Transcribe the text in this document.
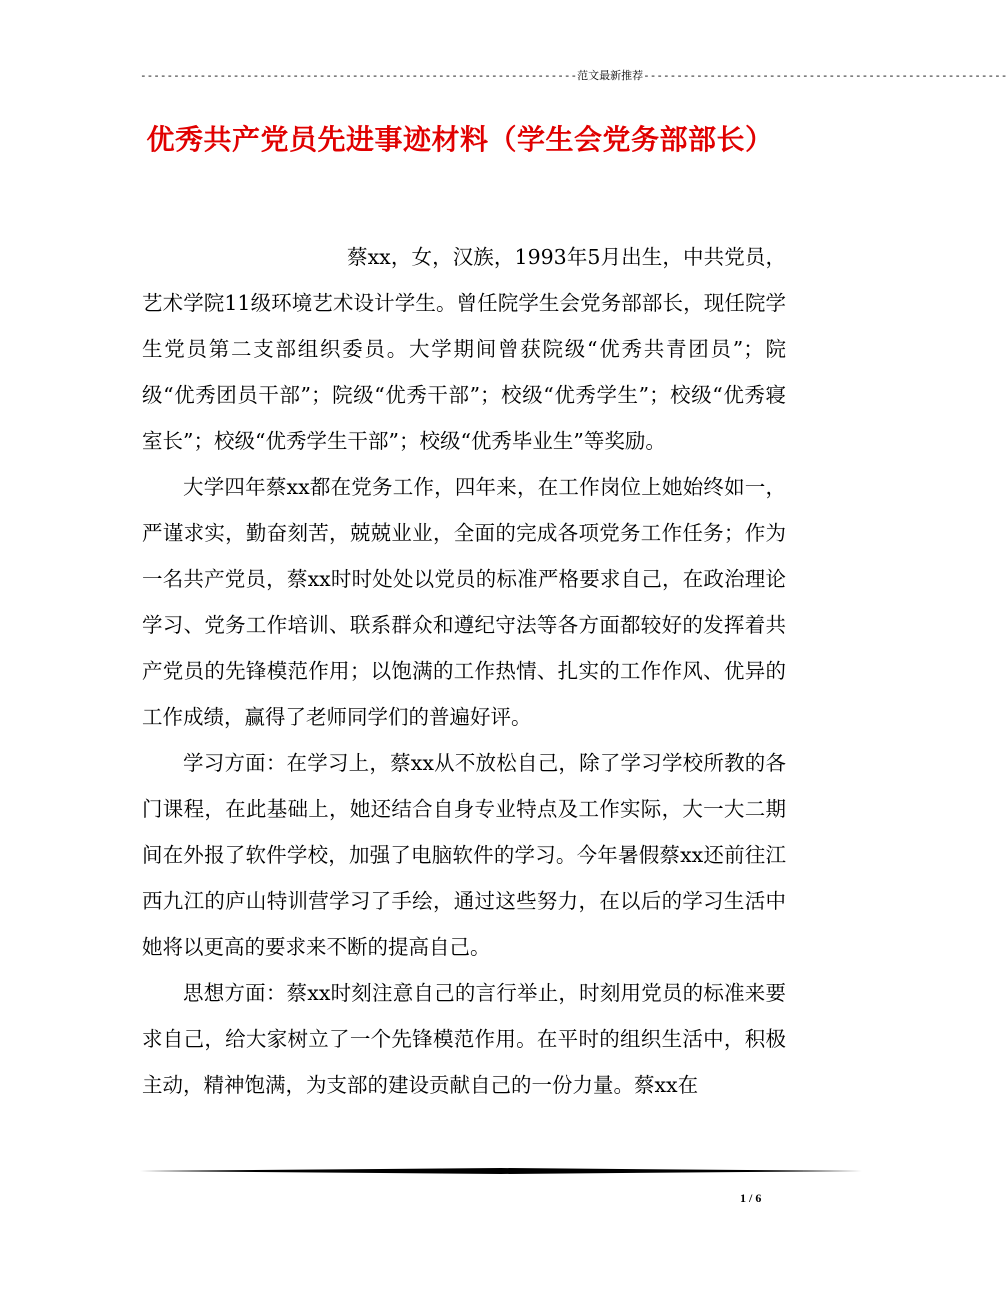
------------------------------------------------------------------范文最新推荐-------------------------------------------------------
优秀共产党员先进事迹材料（学生会党务部部长）

蔡xx，女，汉族，1993年5月出生，中共党员，艺术学院11级环境艺术设计学生。曾任院学生会党务部部长，现任院学生党员第二支部组织委员。大学期间曾获院级“优秀共青团员”；院级“优秀团员干部”；院级“优秀干部”；校级“优秀学生”；校级“优秀寝室长”；校级“优秀学生干部”；校级“优秀毕业生”等奖励。

大学四年蔡xx都在党务工作，四年来，在工作岗位上她始终如一，严谨求实，勤奋刻苦，兢兢业业，全面的完成各项党务工作任务；作为一名共产党员，蔡xx时时处处以党员的标准严格要求自己，在政治理论学习、党务工作培训、联系群众和遵纪守法等各方面都较好的发挥着共产党员的先锋模范作用；以饱满的工作热情、扎实的工作作风、优异的工作成绩，赢得了老师同学们的普遍好评。

学习方面：在学习上，蔡xx从不放松自己，除了学习学校所教的各门课程，在此基础上，她还结合自身专业特点及工作实际，大一大二期间在外报了软件学校，加强了电脑软件的学习。今年暑假蔡xx还前往江西九江的庐山特训营学习了手绘，通过这些努力，在以后的学习生活中她将以更高的要求来不断的提高自己。

思想方面：蔡xx时刻注意自己的言行举止，时刻用党员的标准来要求自己，给大家树立了一个先锋模范作用。在平时的组织生活中，积极主动，精神饱满，为支部的建设贡献自己的一份力量。蔡xx在

1 / 6
